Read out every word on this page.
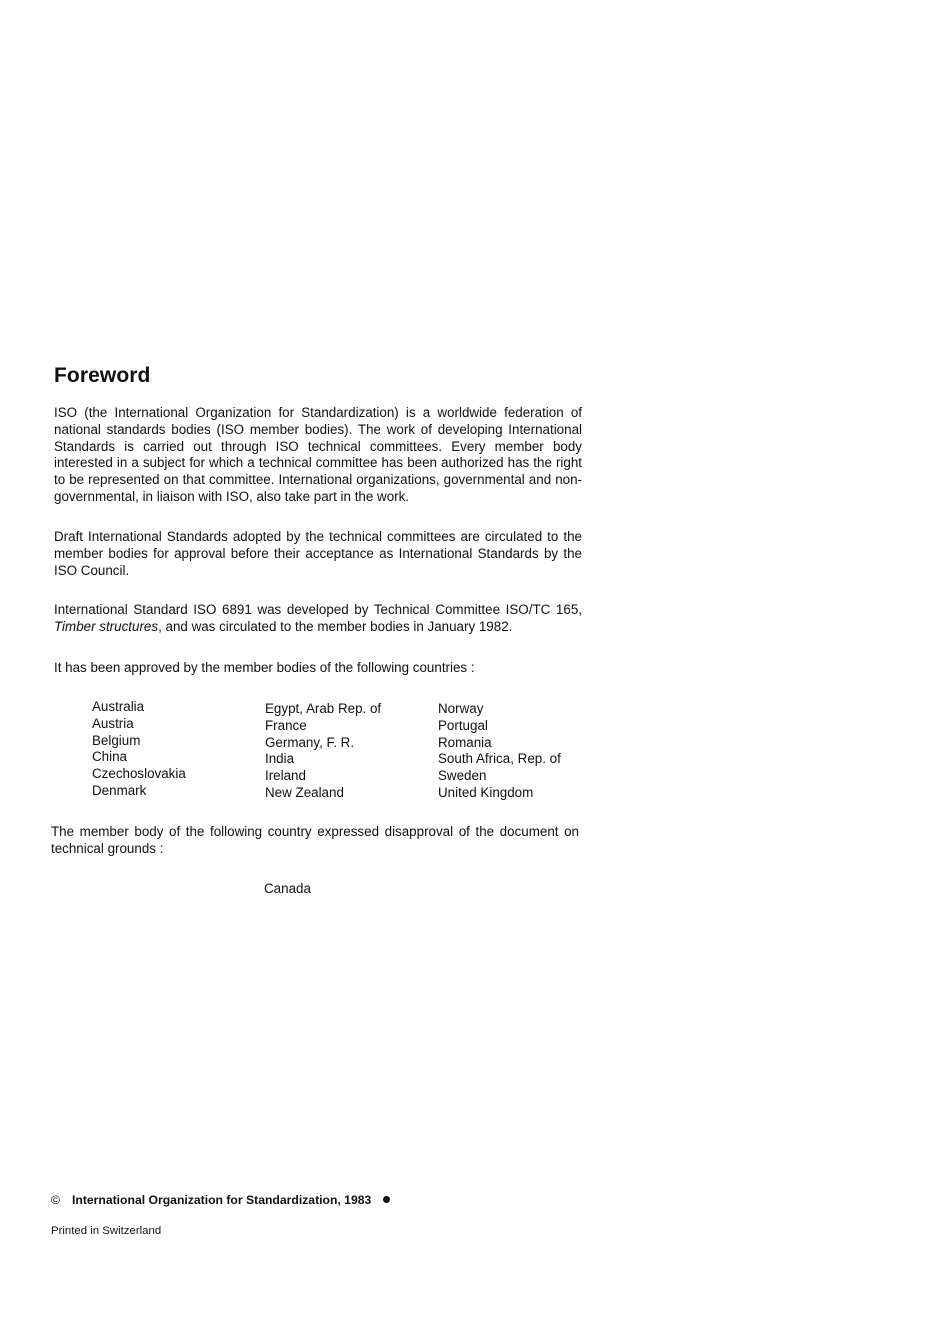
Foreword
ISO (the International Organization for Standardization) is a worldwide federation of national standards bodies (ISO member bodies). The work of developing International Standards is carried out through ISO technical committees. Every member body interested in a subject for which a technical committee has been authorized has the right to be represented on that committee. International organizations, governmental and non-governmental, in liaison with ISO, also take part in the work.
Draft International Standards adopted by the technical committees are circulated to the member bodies for approval before their acceptance as International Standards by the ISO Council.
International Standard ISO 6891 was developed by Technical Committee ISO/TC 165, Timber structures, and was circulated to the member bodies in January 1982.
It has been approved by the member bodies of the following countries :
Australia
Austria
Belgium
China
Czechoslovakia
Denmark
Egypt, Arab Rep. of
France
Germany, F. R.
India
Ireland
New Zealand
Norway
Portugal
Romania
South Africa, Rep. of
Sweden
United Kingdom
The member body of the following country expressed disapproval of the document on technical grounds :
Canada
© International Organization for Standardization, 1983
Printed in Switzerland
